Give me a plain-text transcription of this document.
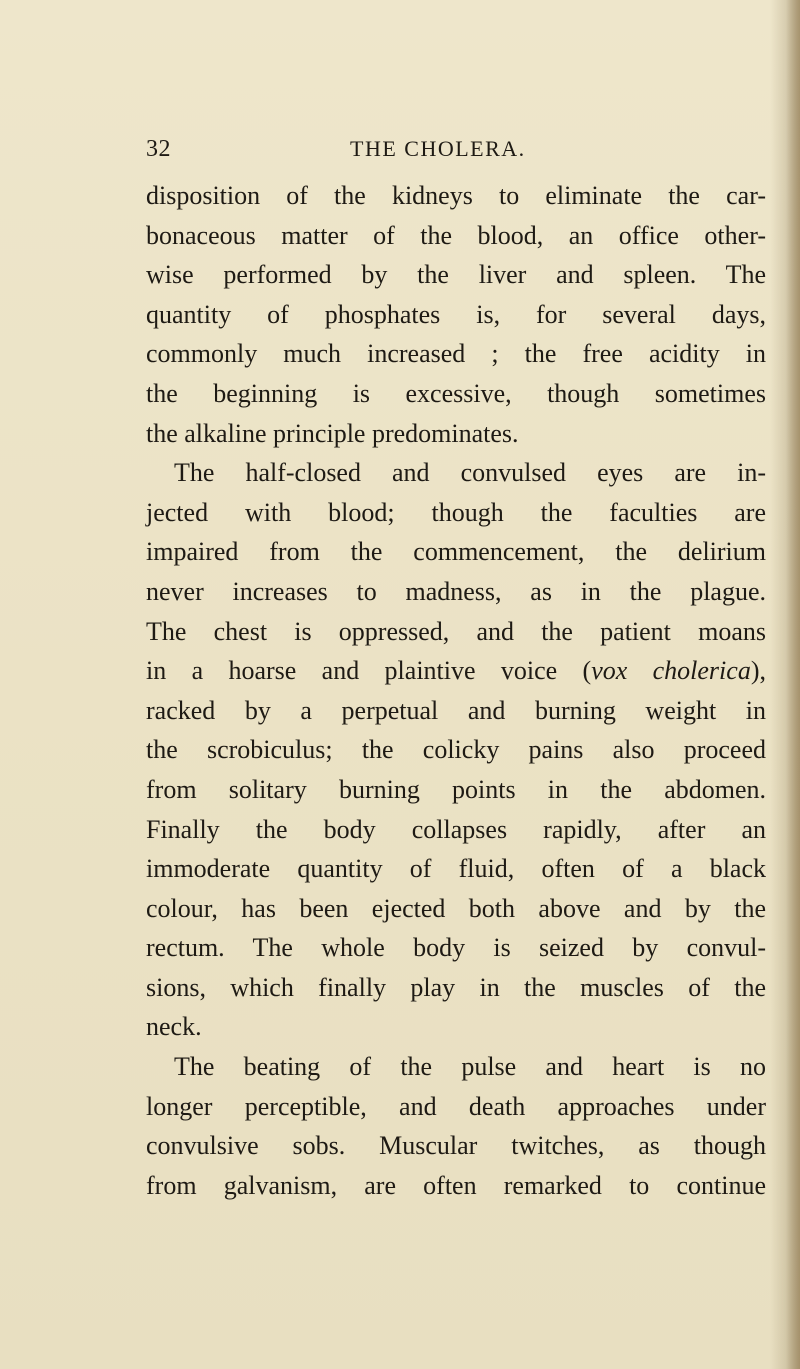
32	THE CHOLERA.
disposition of the kidneys to eliminate the car-
bonaceous matter of the blood, an office other-
wise performed by the liver and spleen. The
quantity of phosphates is, for several days,
commonly much increased ; the free acidity in
the beginning is excessive, though sometimes
the alkaline principle predominates.
The half-closed and convulsed eyes are in-
jected with blood; though the faculties are
impaired from the commencement, the delirium
never increases to madness, as in the plague.
The chest is oppressed, and the patient moans
in a hoarse and plaintive voice (vox cholerica),
racked by a perpetual and burning weight in
the scrobiculus; the colicky pains also proceed
from solitary burning points in the abdomen.
Finally the body collapses rapidly, after an
immoderate quantity of fluid, often of a black
colour, has been ejected both above and by the
rectum. The whole body is seized by convul-
sions, which finally play in the muscles of the
neck.
The beating of the pulse and heart is no
longer perceptible, and death approaches under
convulsive sobs. Muscular twitches, as though
from galvanism, are often remarked to continue
